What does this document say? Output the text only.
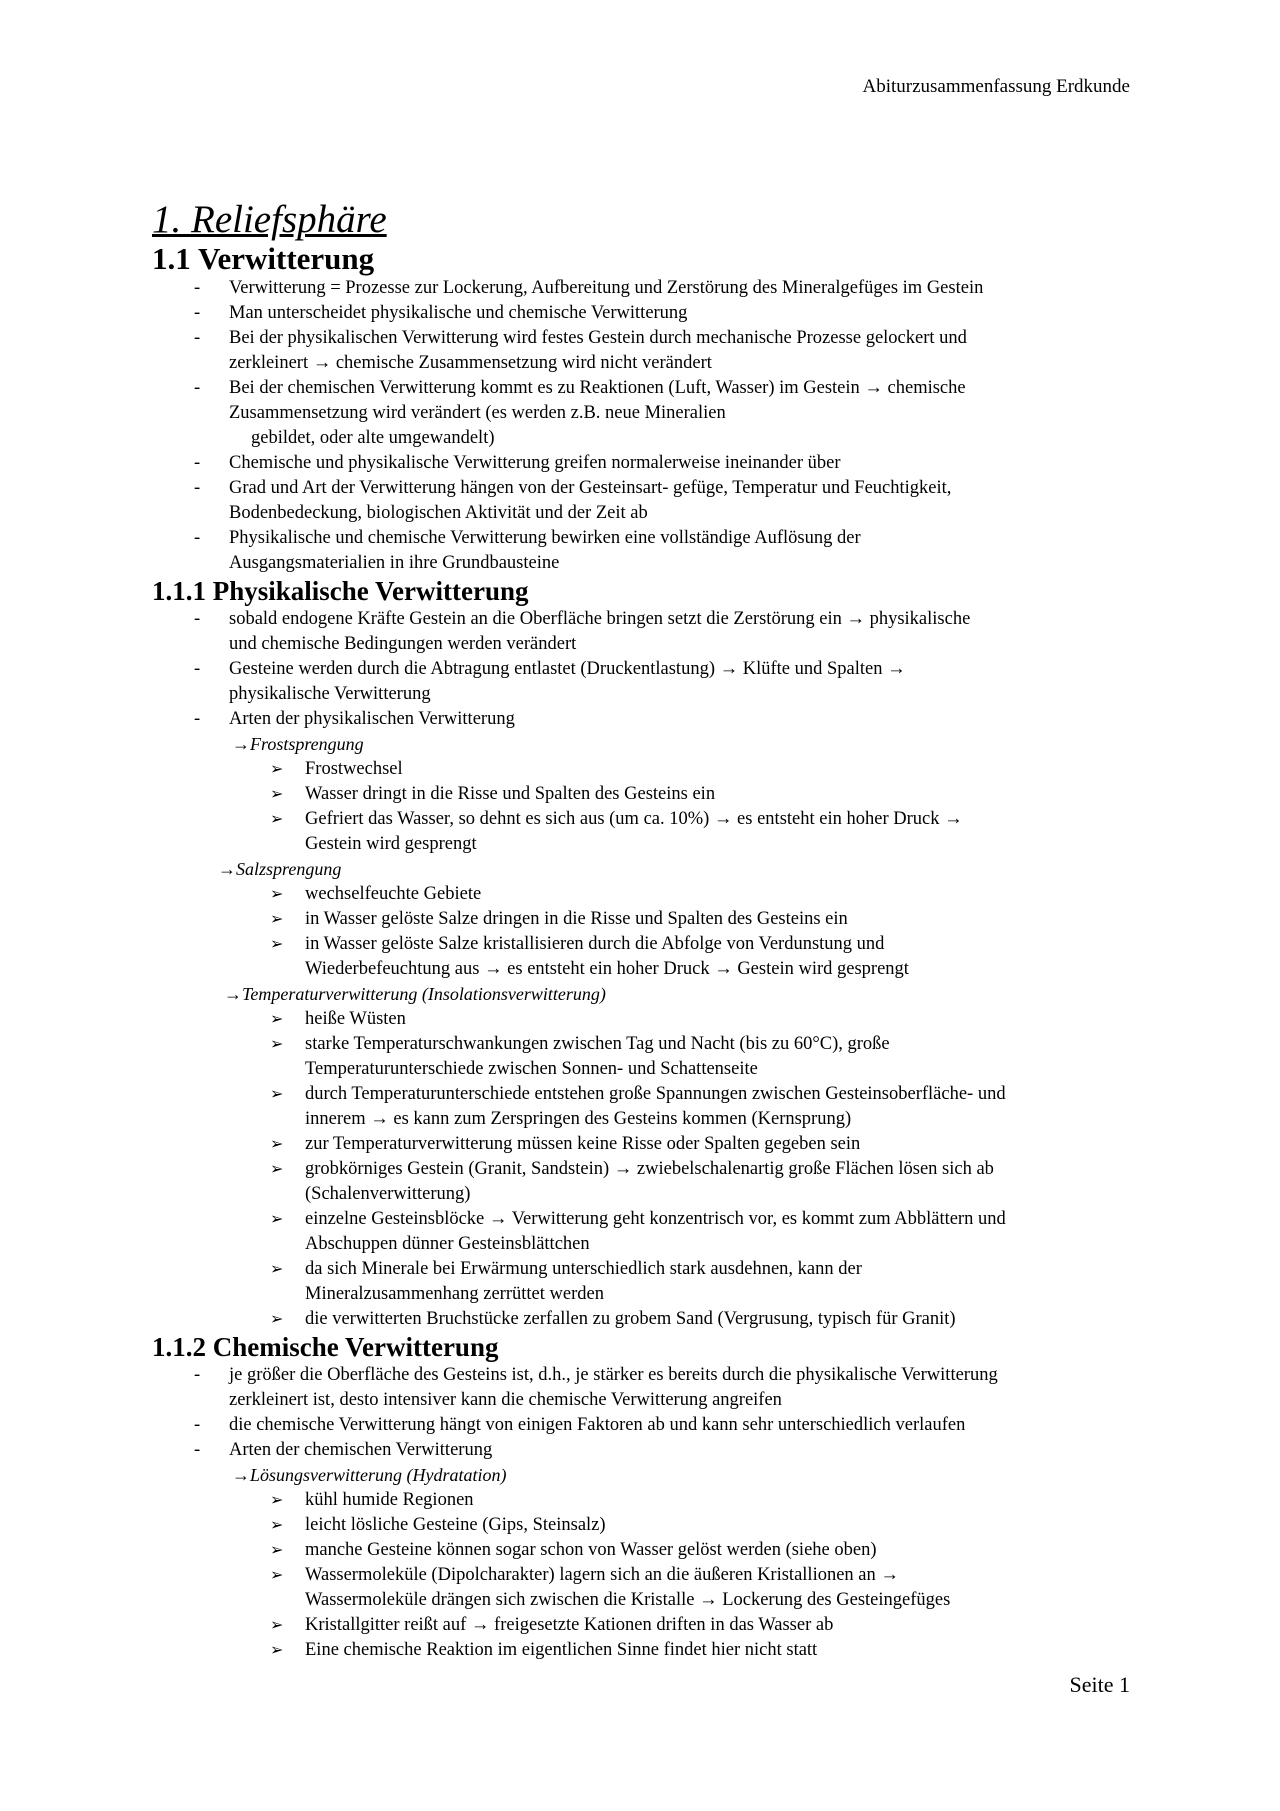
Abiturzusammenfassung Erdkunde
1. Reliefsphäre
1.1 Verwitterung
- Verwitterung = Prozesse zur Lockerung, Aufbereitung und Zerstörung des Mineralgefüges im Gestein
- Man unterscheidet physikalische und chemische Verwitterung
- Bei der physikalischen Verwitterung wird festes Gestein durch mechanische Prozesse gelockert und
zerkleinert → chemische Zusammensetzung wird nicht verändert
- Bei der chemischen Verwitterung kommt es zu Reaktionen (Luft, Wasser) im Gestein → chemische
Zusammensetzung wird verändert (es werden z.B. neue Mineralien
gebildet, oder alte umgewandelt)
- Chemische und physikalische Verwitterung greifen normalerweise ineinander über
- Grad und Art der Verwitterung hängen von der Gesteinsart- gefüge, Temperatur und Feuchtigkeit,
Bodenbedeckung, biologischen Aktivität und der Zeit ab
- Physikalische und chemische Verwitterung bewirken eine vollständige Auflösung der
Ausgangsmaterialien in ihre Grundbausteine
1.1.1 Physikalische Verwitterung
- sobald endogene Kräfte Gestein an die Oberfläche bringen setzt die Zerstörung ein → physikalische
und chemische Bedingungen werden verändert
- Gesteine werden durch die Abtragung entlastet (Druckentlastung) → Klüfte und Spalten →
physikalische Verwitterung
- Arten der physikalischen Verwitterung
→Frostsprengung
➢ Frostwechsel
➢ Wasser dringt in die Risse und Spalten des Gesteins ein
➢ Gefriert das Wasser, so dehnt es sich aus (um ca. 10%) → es entsteht ein hoher Druck →
Gestein wird gesprengt
→Salzsprengung
➢ wechselfeuchte Gebiete
➢ in Wasser gelöste Salze dringen in die Risse und Spalten des Gesteins ein
➢ in Wasser gelöste Salze kristallisieren durch die Abfolge von Verdunstung und
Wiederbefeuchtung aus → es entsteht ein hoher Druck → Gestein wird gesprengt
→Temperaturverwitterung (Insolationsverwitterung)
➢ heiße Wüsten
➢ starke Temperaturschwankungen zwischen Tag und Nacht (bis zu 60°C), große
Temperaturunterschiede zwischen Sonnen- und Schattenseite
➢ durch Temperaturunterschiede entstehen große Spannungen zwischen Gesteinsoberfläche- und
innerem → es kann zum Zerspringen des Gesteins kommen (Kernsprung)
➢ zur Temperaturverwitterung müssen keine Risse oder Spalten gegeben sein
➢ grobkörniges Gestein (Granit, Sandstein) → zwiebelschalenartig große Flächen lösen sich ab
(Schalenverwitterung)
➢ einzelne Gesteinsblöcke → Verwitterung geht konzentrisch vor, es kommt zum Abblättern und
Abschuppen dünner Gesteinsblättchen
➢ da sich Minerale bei Erwärmung unterschiedlich stark ausdehnen, kann der
Mineralzusammenhang zerrüttet werden
➢ die verwitterten Bruchstücke zerfallen zu grobem Sand (Vergrusung, typisch für Granit)
1.1.2 Chemische Verwitterung
- je größer die Oberfläche des Gesteins ist, d.h., je stärker es bereits durch die physikalische Verwitterung
zerkleinert ist, desto intensiver kann die chemische Verwitterung angreifen
- die chemische Verwitterung hängt von einigen Faktoren ab und kann sehr unterschiedlich verlaufen
- Arten der chemischen Verwitterung
→Lösungsverwitterung (Hydratation)
➢ kühl humide Regionen
➢ leicht lösliche Gesteine (Gips, Steinsalz)
➢ manche Gesteine können sogar schon von Wasser gelöst werden (siehe oben)
➢ Wassermoleküle (Dipolcharakter) lagern sich an die äußeren Kristallionen an →
Wassermoleküle drängen sich zwischen die Kristalle → Lockerung des Gesteingefüges
➢ Kristallgitter reißt auf → freigesetzte Kationen driften in das Wasser ab
➢ Eine chemische Reaktion im eigentlichen Sinne findet hier nicht statt
Seite 1
